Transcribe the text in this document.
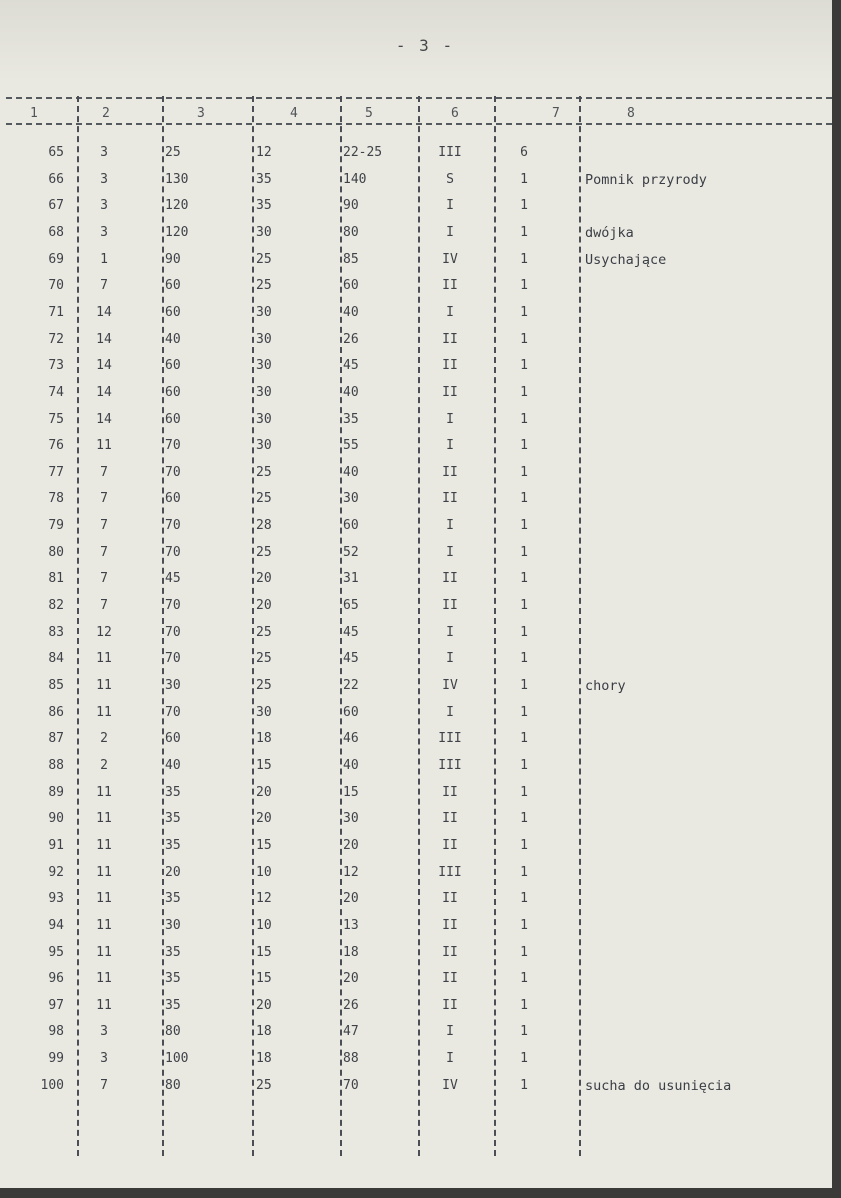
- 3 -
1	2	3	4	5	6	7	8
65	3	25	12	22-25	III	6
66	3	130	35	140	S	1	Pomnik przyrody
67	3	120	35	90	I	1
68	3	120	30	80	I	1	dwójka
69	1	90	25	85	IV	1	Usychające
70	7	60	25	60	II	1
71	14	60	30	40	I	1
72	14	40	30	26	II	1
73	14	60	30	45	II	1
74	14	60	30	40	II	1
75	14	60	30	35	I	1
76	11	70	30	55	I	1
77	7	70	25	40	II	1
78	7	60	25	30	II	1
79	7	70	28	60	I	1
80	7	70	25	52	I	1
81	7	45	20	31	II	1
82	7	70	20	65	II	1
83	12	70	25	45	I	1
84	11	70	25	45	I	1
85	11	30	25	22	IV	1	chory
86	11	70	30	60	I	1
87	2	60	18	46	III	1
88	2	40	15	40	III	1
89	11	35	20	15	II	1
90	11	35	20	30	II	1
91	11	35	15	20	II	1
92	11	20	10	12	III	1
93	11	35	12	20	II	1
94	11	30	10	13	II	1
95	11	35	15	18	II	1
96	11	35	15	20	II	1
97	11	35	20	26	II	1
98	3	80	18	47	I	1
99	3	100	18	88	I	1
100	7	80	25	70	IV	1	sucha do usunięcia
